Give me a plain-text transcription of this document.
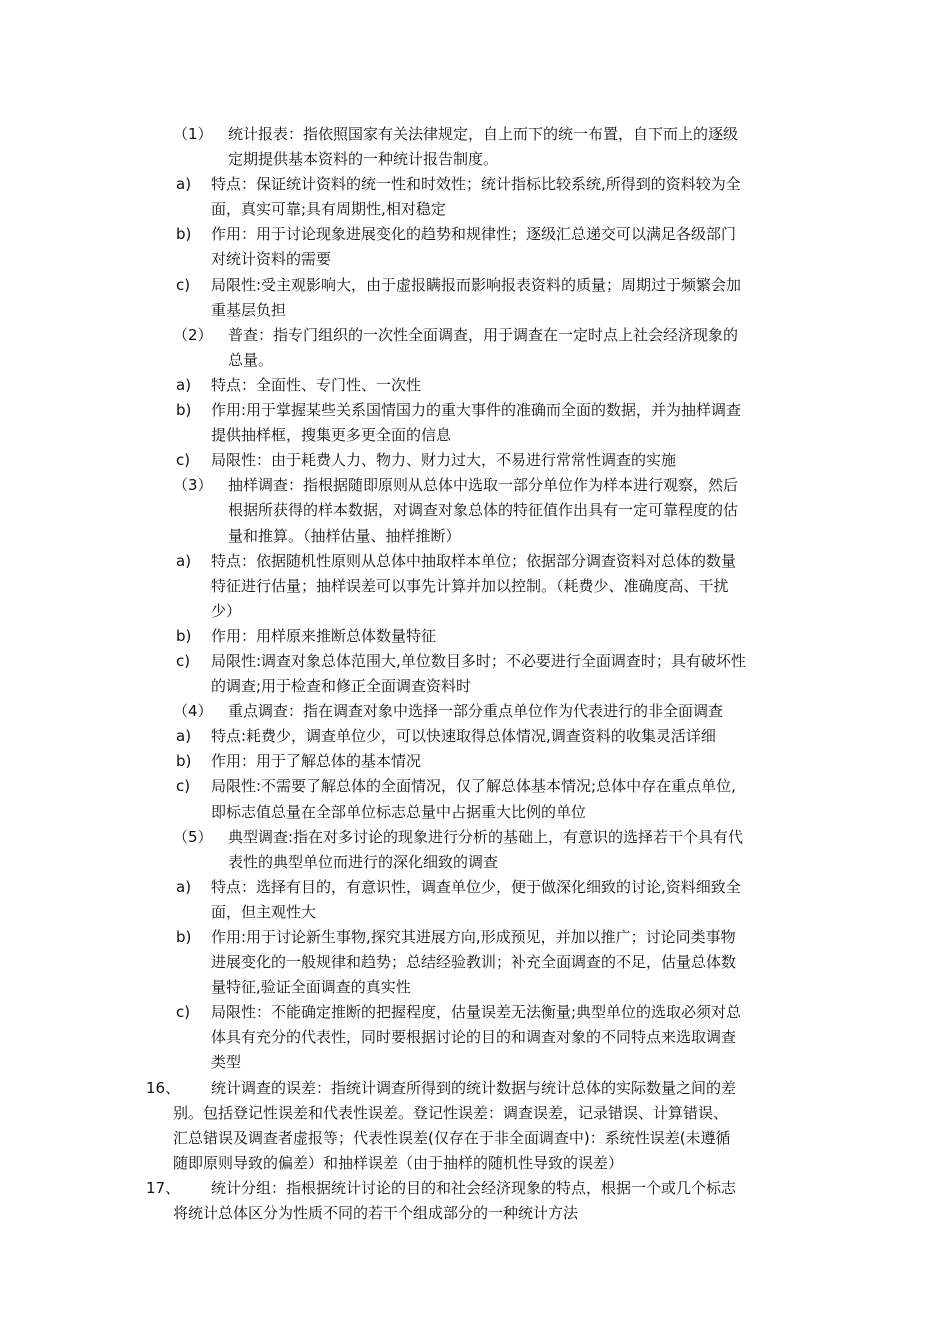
（1） 统计报表：指依照国家有关法律规定，自上而下的统一布置，自下而上的逐级
定期提供基本资料的一种统计报告制度。
a) 特点：保证统计资料的统一性和时效性；统计指标比较系统,所得到的资料较为全
面，真实可靠;具有周期性,相对稳定
b) 作用：用于讨论现象进展变化的趋势和规律性；逐级汇总递交可以满足各级部门
对统计资料的需要
c) 局限性:受主观影响大，由于虚报瞒报而影响报表资料的质量；周期过于频繁会加
重基层负担
（2） 普查：指专门组织的一次性全面调查，用于调查在一定时点上社会经济现象的
总量。
a) 特点：全面性、专门性、一次性
b) 作用:用于掌握某些关系国情国力的重大事件的准确而全面的数据，并为抽样调查
提供抽样框，搜集更多更全面的信息
c) 局限性：由于耗费人力、物力、财力过大，不易进行常常性调查的实施
（3） 抽样调查：指根据随即原则从总体中选取一部分单位作为样本进行观察，然后
根据所获得的样本数据，对调查对象总体的特征值作出具有一定可靠程度的估
量和推算。（抽样估量、抽样推断）
a) 特点：依据随机性原则从总体中抽取样本单位；依据部分调查资料对总体的数量
特征进行估量；抽样误差可以事先计算并加以控制。（耗费少、准确度高、干扰
少）
b) 作用：用样原来推断总体数量特征
c) 局限性:调查对象总体范围大,单位数目多时；不必要进行全面调查时；具有破坏性
的调查;用于检查和修正全面调查资料时
（4） 重点调查：指在调查对象中选择一部分重点单位作为代表进行的非全面调查
a) 特点:耗费少，调查单位少，可以快速取得总体情况,调查资料的收集灵活详细
b) 作用：用于了解总体的基本情况
c) 局限性:不需要了解总体的全面情况，仅了解总体基本情况;总体中存在重点单位,
即标志值总量在全部单位标志总量中占据重大比例的单位
（5） 典型调查:指在对多讨论的现象进行分析的基础上，有意识的选择若干个具有代
表性的典型单位而进行的深化细致的调查
a) 特点：选择有目的，有意识性，调查单位少，便于做深化细致的讨论,资料细致全
面，但主观性大
b) 作用:用于讨论新生事物,探究其进展方向,形成预见，并加以推广；讨论同类事物
进展变化的一般规律和趋势；总结经验教训；补充全面调查的不足，估量总体数
量特征,验证全面调查的真实性
c) 局限性：不能确定推断的把握程度，估量误差无法衡量;典型单位的选取必须对总
体具有充分的代表性，同时要根据讨论的目的和调查对象的不同特点来选取调查
类型
16、 统计调查的误差：指统计调查所得到的统计数据与统计总体的实际数量之间的差
别。包括登记性误差和代表性误差。登记性误差：调查误差，记录错误、计算错误、
汇总错误及调查者虚报等；代表性误差(仅存在于非全面调查中)：系统性误差(未遵循
随即原则导致的偏差）和抽样误差（由于抽样的随机性导致的误差）
17、 统计分组：指根据统计讨论的目的和社会经济现象的特点，根据一个或几个标志
将统计总体区分为性质不同的若干个组成部分的一种统计方法
